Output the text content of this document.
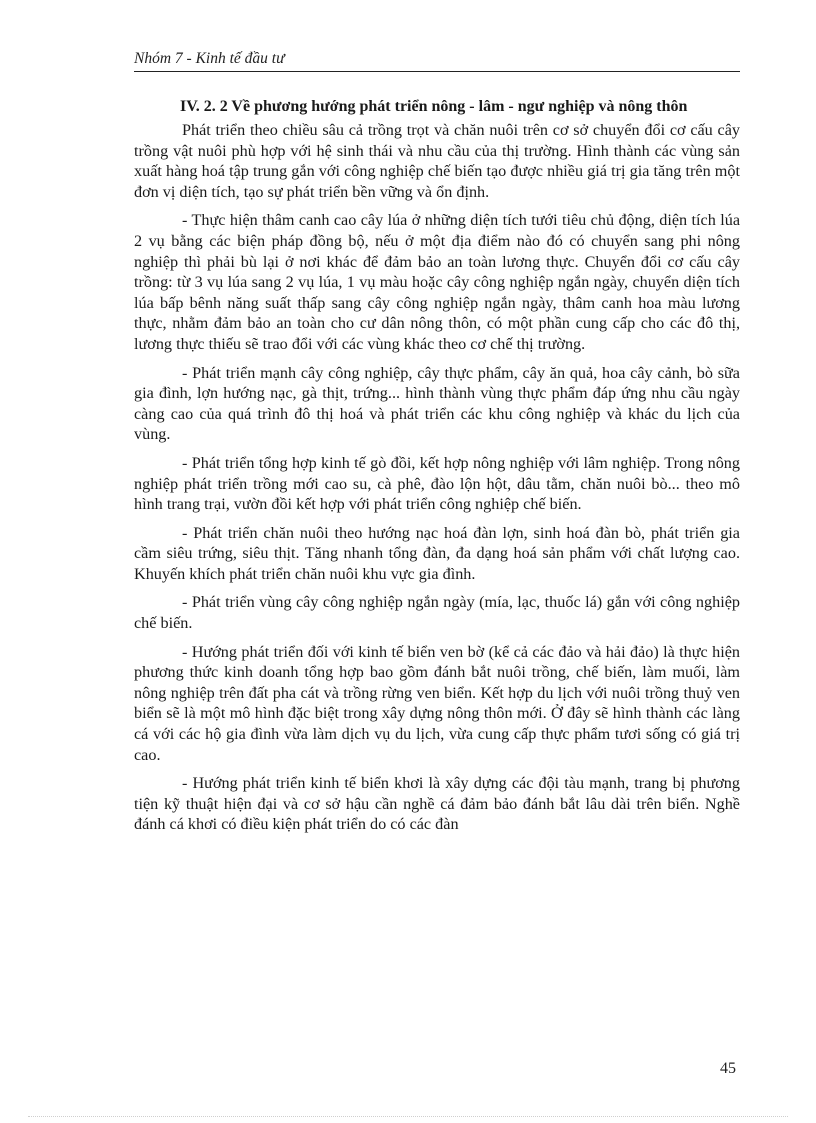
Nhóm 7 - Kinh tế đầu tư
IV. 2. 2 Về phương hướng phát triển nông - lâm - ngư nghiệp và nông thôn

Phát triển theo chiều sâu cả trồng trọt và chăn nuôi trên cơ sở chuyển đổi cơ cấu cây trồng vật nuôi phù hợp với hệ sinh thái và nhu cầu của thị trường. Hình thành các vùng sản xuất hàng hoá tập trung gắn với công nghiệp chế biến tạo được nhiều giá trị gia tăng trên một đơn vị diện tích, tạo sự phát triển bền vững và ổn định.

- Thực hiện thâm canh cao cây lúa ở những diện tích tưới tiêu chủ động, diện tích lúa 2 vụ bằng các biện pháp đồng bộ, nếu ở một địa điểm nào đó có chuyển sang phi nông nghiệp thì phải bù lại ở nơi khác để đảm bảo an toàn lương thực. Chuyển đổi cơ cấu cây trồng: từ 3 vụ lúa sang 2 vụ lúa, 1 vụ màu hoặc cây công nghiệp ngắn ngày, chuyển diện tích lúa bấp bênh năng suất thấp sang cây công nghiệp ngắn ngày, thâm canh hoa màu lương thực, nhằm đảm bảo an toàn cho cư dân nông thôn, có một phần cung cấp cho các đô thị, lương thực thiếu sẽ trao đổi với các vùng khác theo cơ chế thị trường.

- Phát triển mạnh cây công nghiệp, cây thực phẩm, cây ăn quả, hoa cây cảnh, bò sữa gia đình, lợn hướng nạc, gà thịt, trứng... hình thành vùng thực phẩm đáp ứng nhu cầu ngày càng cao của quá trình đô thị hoá và phát triển các khu công nghiệp và khác du lịch của vùng.

- Phát triển tổng hợp kinh tế gò đồi, kết hợp nông nghiệp với lâm nghiệp. Trong nông nghiệp phát triển trồng mới cao su, cà phê, đào lộn hột, dâu tằm, chăn nuôi bò... theo mô hình trang trại, vườn đồi kết hợp với phát triển công nghiệp chế biến.

- Phát triển chăn nuôi theo hướng nạc hoá đàn lợn, sinh hoá đàn bò, phát triển gia cầm siêu trứng, siêu thịt. Tăng nhanh tổng đàn, đa dạng hoá sản phẩm với chất lượng cao. Khuyến khích phát triển chăn nuôi khu vực gia đình.

- Phát triển vùng cây công nghiệp ngắn ngày (mía, lạc, thuốc lá) gắn với công nghiệp chế biến.

- Hướng phát triển đối với kinh tế biển ven bờ (kể cả các đảo và hải đảo) là thực hiện phương thức kinh doanh tổng hợp bao gồm đánh bắt nuôi trồng, chế biến, làm muối, làm nông nghiệp trên đất pha cát và trồng rừng ven biển. Kết hợp du lịch với nuôi trồng thuỷ ven biển sẽ là một mô hình đặc biệt trong xây dựng nông thôn mới. Ở đây sẽ hình thành các làng cá với các hộ gia đình vừa làm dịch vụ du lịch, vừa cung cấp thực phẩm tươi sống có giá trị cao.

- Hướng phát triển kinh tế biển khơi là xây dựng các đội tàu mạnh, trang bị phương tiện kỹ thuật hiện đại và cơ sở hậu cần nghề cá đảm bảo đánh bắt lâu dài trên biển. Nghề đánh cá khơi có điều kiện phát triển do có các đàn

45
